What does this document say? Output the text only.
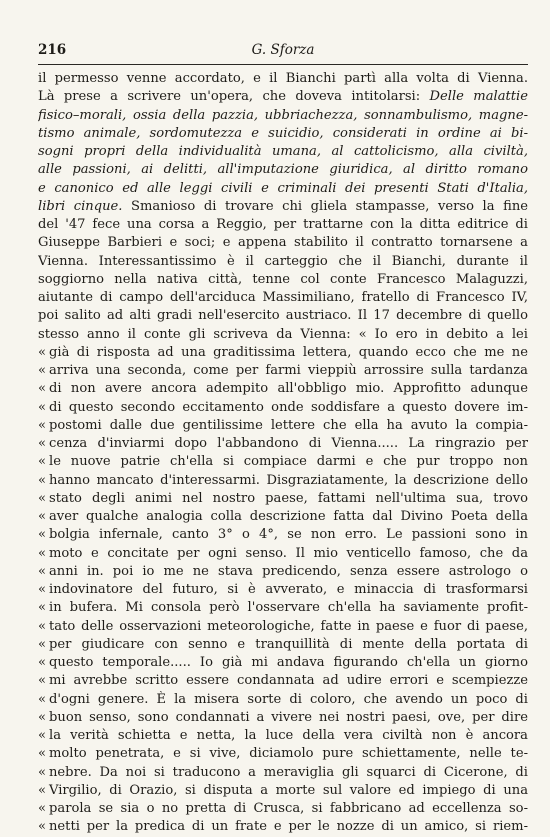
216	G. Sforza
il permesso venne accordato, e il Bianchi partì alla volta di Vienna.
Là prese a scrivere un'opera, che doveva intitolarsi: Delle malattie
fisico–morali, ossia della pazzia, ubbriachezza, sonnambulismo, magne-
tismo animale, sordomutezza e suicidio, considerati in ordine ai bi-
sogni propri della individualità umana, al cattolicismo, alla civiltà,
alle passioni, ai delitti, all'imputazione giuridica, al diritto romano
e canonico ed alle leggi civili e criminali dei presenti Stati d'Italia,
libri cinque. Smanioso di trovare chi gliela stampasse, verso la fine
del '47 fece una corsa a Reggio, per trattarne con la ditta editrice di
Giuseppe Barbieri e soci; e appena stabilito il contratto tornarsene a
Vienna. Interessantissimo è il carteggio che il Bianchi, durante il
soggiorno nella nativa città, tenne col conte Francesco Malaguzzi,
aiutante di campo dell'arciduca Massimiliano, fratello di Francesco IV,
poi salito ad alti gradi nell'esercito austriaco. Il 17 decembre di quello
stesso anno il conte gli scriveva da Vienna: « Io ero in debito a lei
« già di risposta ad una graditissima lettera, quando ecco che me ne
« arriva una seconda, come per farmi vieppiù arrossire sulla tardanza
« di non avere ancora adempito all'obbligo mio. Approfitto adunque
« di questo secondo eccitamento onde soddisfare a questo dovere im-
« postomi dalle due gentilissime lettere che ella ha avuto la compia-
« cenza d'inviarmi dopo l'abbandono di Vienna..... La ringrazio per
« le nuove patrie ch'ella si compiace darmi e che pur troppo non
« hanno mancato d'interessarmi. Disgraziatamente, la descrizione dello
« stato degli animi nel nostro paese, fattami nell'ultima sua, trovo
« aver qualche analogia colla descrizione fatta dal Divino Poeta della
« bolgia infernale, canto 3° o 4°, se non erro. Le passioni sono in
« moto e concitate per ogni senso. Il mio venticello famoso, che da
« anni in. poi io me ne stava predicendo, senza essere astrologo o
« indovinatore del futuro, si è avverato, e minaccia di trasformarsi
« in bufera. Mi consola però l'osservare ch'ella ha saviamente profit-
« tato delle osservazioni meteorologiche, fatte in paese e fuor di paese,
« per giudicare con senno e tranquillità di mente della portata di
« questo temporale..... Io già mi andava figurando ch'ella un giorno
« mi avrebbe scritto essere condannata ad udire errori e scempiezze
« d'ogni genere. È la misera sorte di coloro, che avendo un poco di
« buon senso, sono condannati a vivere nei nostri paesi, ove, per dire
« la verità schietta e netta, la luce della vera civiltà non è ancora
« molto penetrata, e si vive, diciamolo pure schiettamente, nelle te-
« nebre. Da noi si traducono a meraviglia gli squarci di Cicerone, di
« Virgilio, di Orazio, si disputa a morte sul valore ed impiego di una
« parola se sia o no pretta di Crusca, si fabbricano ad eccellenza so-
« netti per la predica di un frate e per le nozze di un amico, si riem-
